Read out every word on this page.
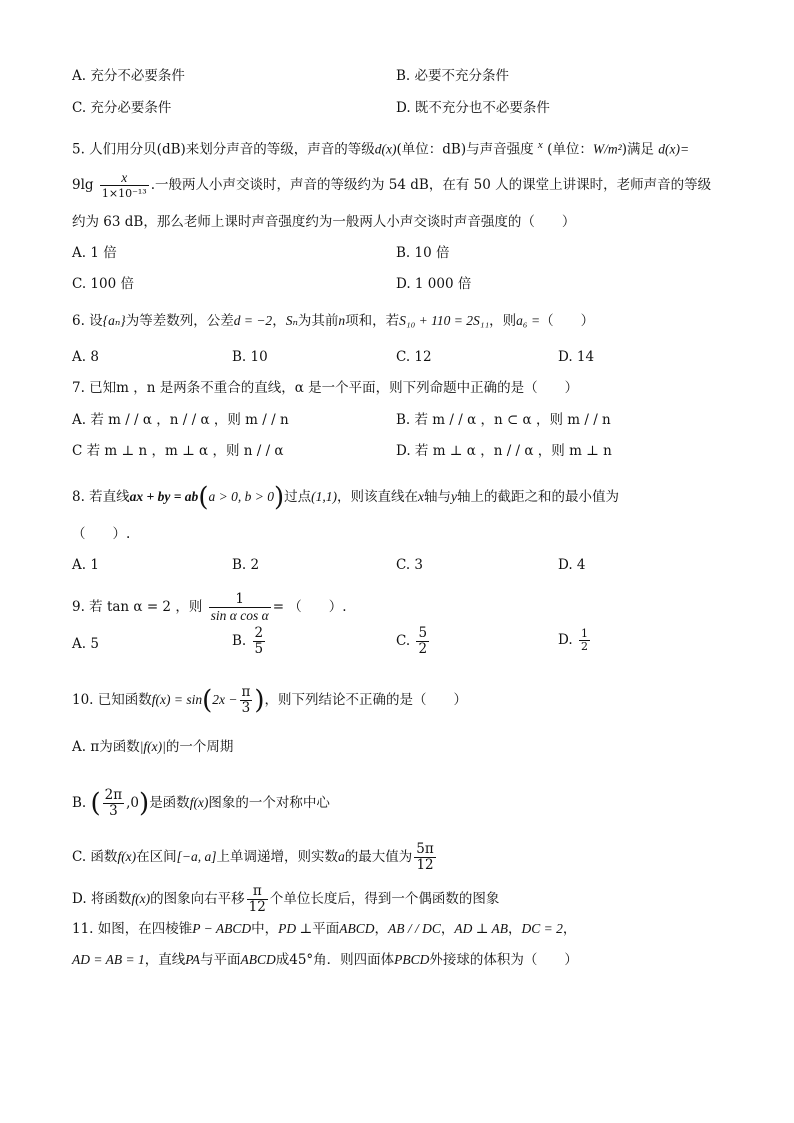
A. 充分不必要条件	B. 必要不充分条件
C. 充分必要条件	D. 既不充分也不必要条件
5. 人们用分贝(dB)来划分声音的等级，声音的等级d(x)(单位：dB)与声音强度 $^x$ (单位：W/m²)满足 d(x)=
$9\lg \frac{x}{\text{1×10⁻¹³}}$ .一般两人小声交谈时，声音的等级约为 54 dB，在有 50 人的课堂上讲课时，老师声音的等级
约为 63 dB，那么老师上课时声音强度约为一般两人小声交谈时声音强度的（　　）
A. 1 倍	B. 10 倍
C. 100 倍	D. 1 000 倍
6. 设{aₙ}为等差数列，公差d = −2，Sₙ为其前n项和，若S₁₀ + 110 = 2S₁₁，则a₆ =（　　）
A. 8	B. 10	C. 12	D. 14
7. 已知m ，n 是两条不重合的直线，α 是一个平面，则下列命题中正确的是（　　）
A. 若 m / / α ，n / / α ，则 m / / n	B. 若 m / / α ，n ⊂ α ，则 m / / n
C 若 m ⊥ n ，m ⊥ α ，则 n / / α	D. 若 m ⊥ α ，n / / α ，则 m ⊥ n
8. 若直线ax + by = ab(a > 0, b > 0)过点(1,1)，则该直线在x轴与y轴上的截距之和的最小值为
（　　）.
A. 1	B. 2	C. 3	D. 4
9. 若 tan α = 2 ，则 $\frac{1}{\text{sin α cos α}}$ = （　　）.
A. 5	B. $\frac{2}{5}$	C. $\frac{5}{2}$	D. $\frac{1}{2}$
10. 已知函数$f(x) = \sin(2x - \frac{\pi}{3}$ )，则下列结论不正确的是（　　）
A. π为函数|f(x)|的一个周期
B. ( $\frac{2\pi}{3} ,0$)是函数f(x)图象的一个对称中心
C. 函数f(x)在区间[−a, a]上单调递增，则实数a的最大值为 $\frac{5\pi}{12}$
D. 将函数f(x)的图象向右平移 $\frac{\pi}{12}$ 个单位长度后，得到一个偶函数的图象
11. 如图，在四棱锥P − ABCD中，PD ⊥平面ABCD，AB / / DC，AD ⊥ AB，DC = 2，
AD = AB = 1，直线PA与平面ABCD成45°角．则四面体PBCD外接球的体积为（　　）
